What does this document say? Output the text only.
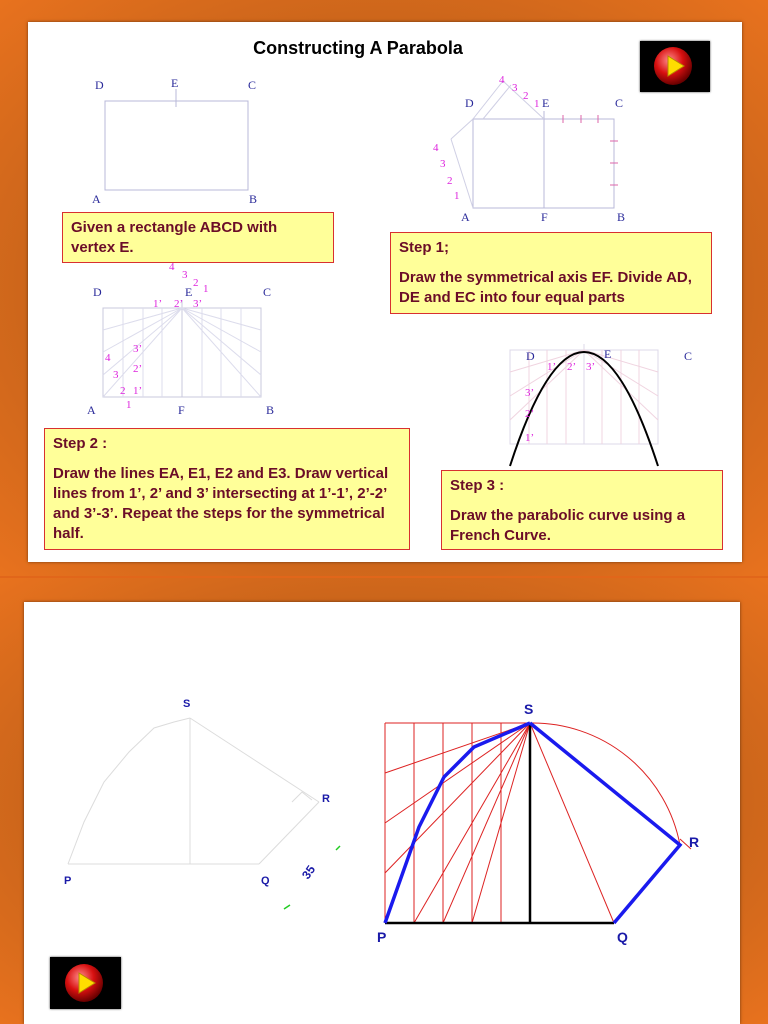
Constructing A Parabola
D	E	C
A	B

Given a rectangle ABCD with vertex E.

D	E	C
A	F	B
4
3
2
1
4
3
2
1

Step 1;

Draw the symmetrical axis EF. Divide AD, DE and EC into four equal parts

D	E	C
A	F	B
4
3
2 1
1’ 2’ 3’
4
3
2
1
3’
2’
1’
D	E	C
1’ 2’ 3’
3’
2’
1’

Step 2 :

Draw the lines EA, E1, E2 and E3. Draw vertical lines from 1’, 2’ and 3’ intersecting at 1’-1’, 2’-2’ and 3’-3’. Repeat the steps for the symmetrical half.

Step 3 :

Draw the parabolic curve using a French Curve.

S
R
P	Q 35
S
R
P	Q
